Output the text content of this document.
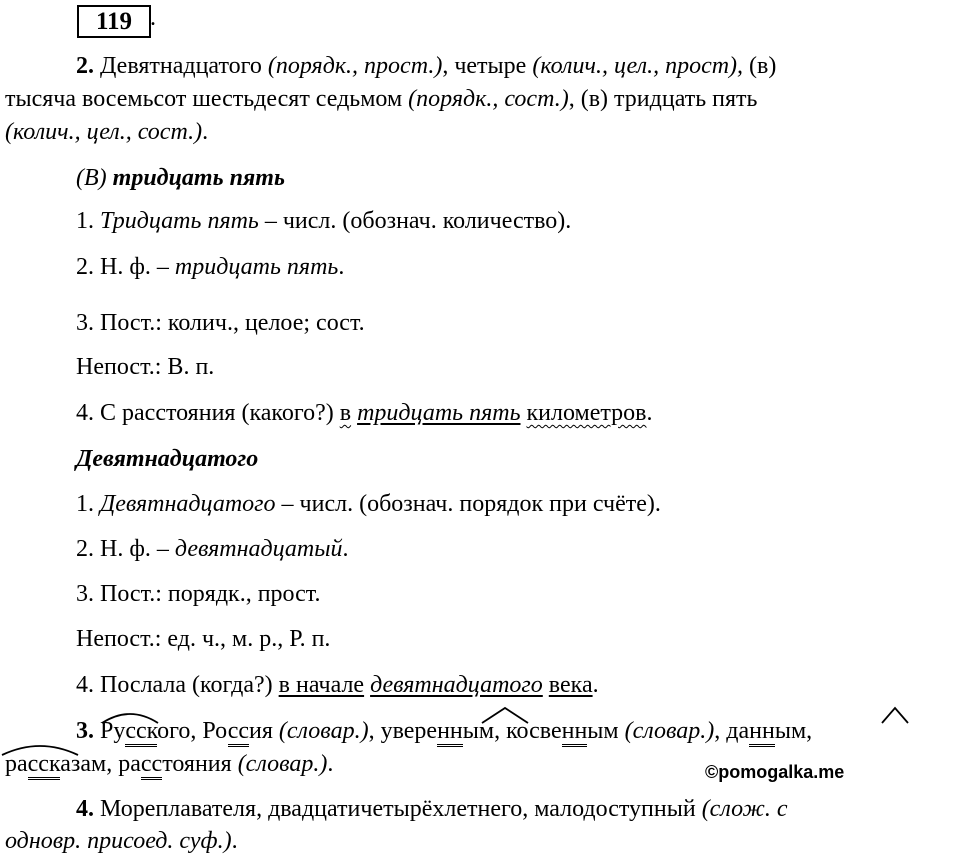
119 .
2. Девятнадцатого (порядк., прост.), четыре (колич., цел., прост), (в)
тысяча восемьсот шестьдесят седьмом (порядк., сост.), (в) тридцать пять
(колич., цел., сост.).
(В) тридцать пять
1. Тридцать пять – числ. (обознач. количество).
2. Н. ф. – тридцать пять.
3. Пост.: колич., целое; сост.
Непост.: В. п.
4. С расстояния (какого?) в тридцать пять километров.
Девятнадцатого
1. Девятнадцатого – числ. (обознач. порядок при счёте).
2. Н. ф. – девятнадцатый.
3. Пост.: порядк., прост.
Непост.: ед. ч., м. р., Р. п.
4. Послала (когда?) в начале девятнадцатого века.
3. Русского, Россия (словар.), уверенным, косвенным (словар.), данным,
рассказам, расстояния (словар.).	©pomogalka.me
4. Мореплавателя, двадцатичетырёхлетнего, малодоступный (слож. с
одновр. присоед. суф.).
